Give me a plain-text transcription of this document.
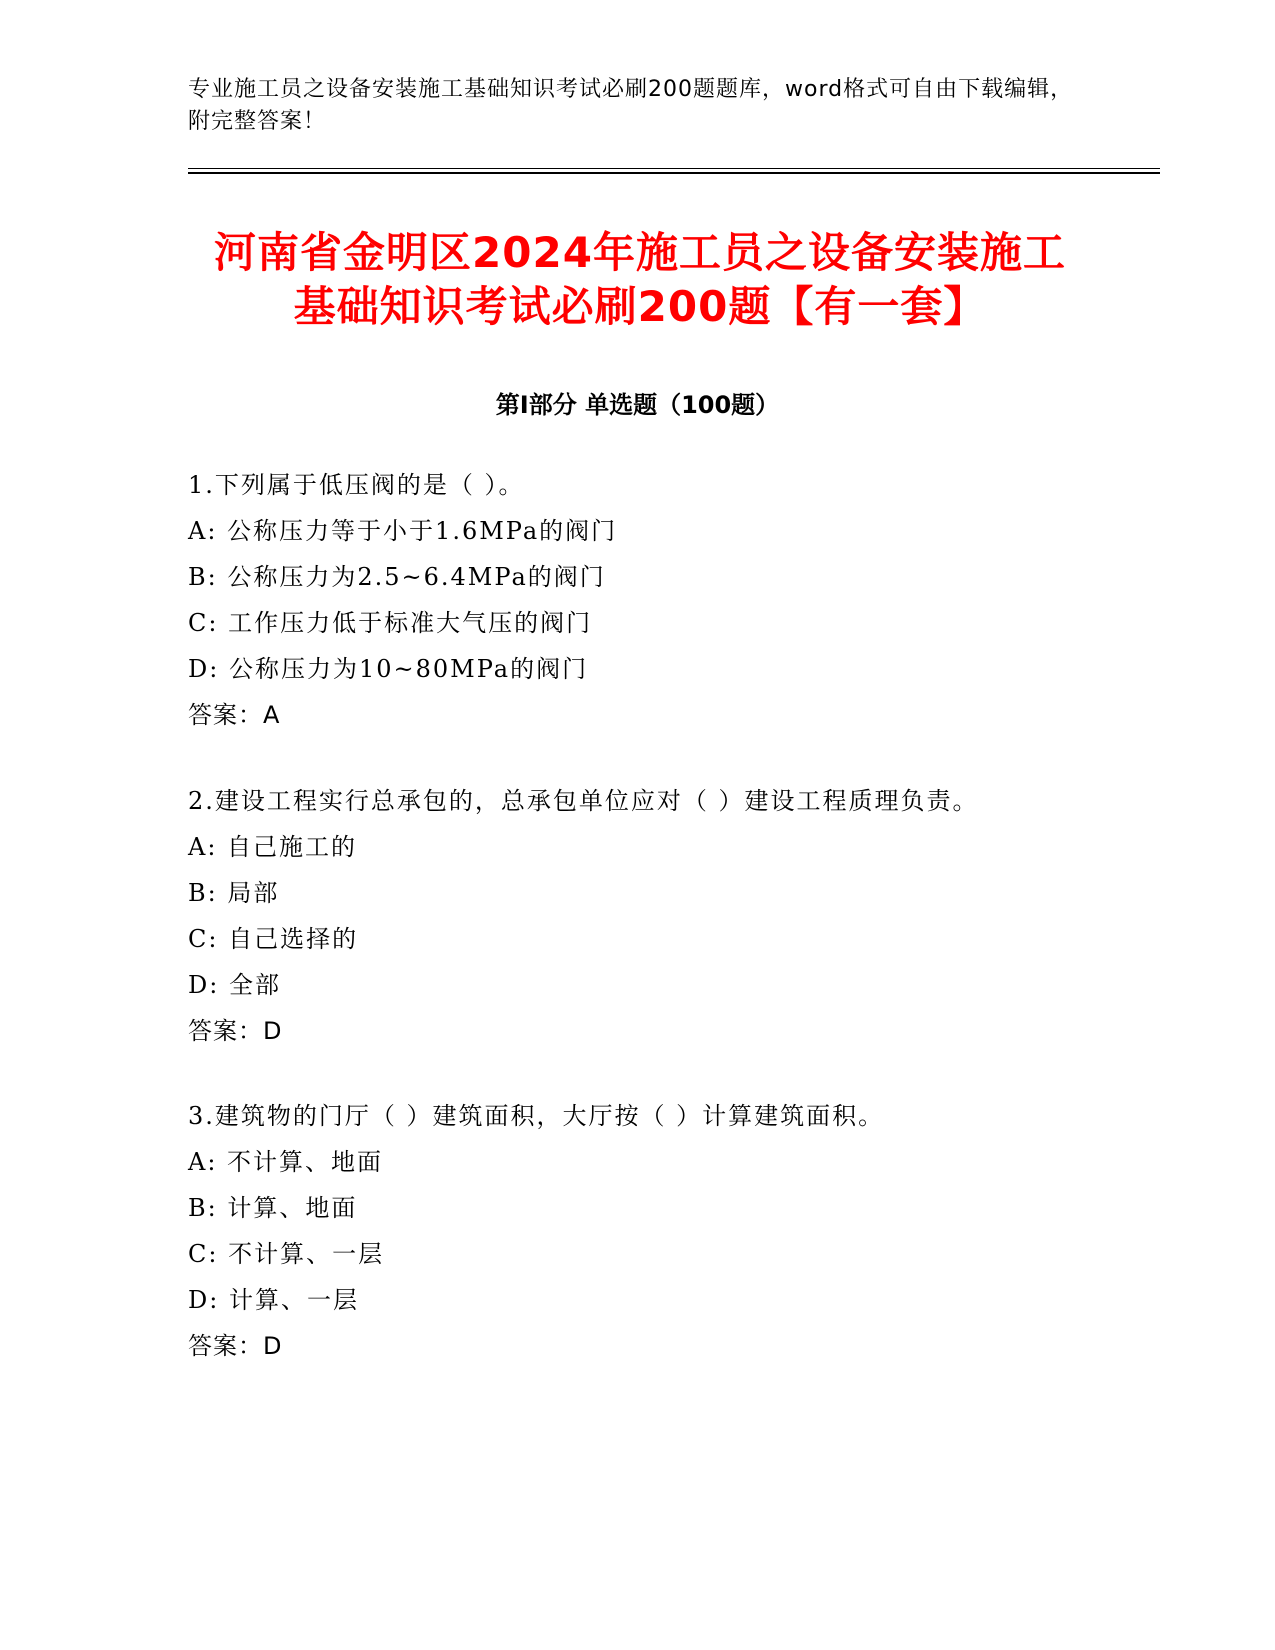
专业施工员之设备安装施工基础知识考试必刷200题题库，word格式可自由下载编辑，附完整答案！
河南省金明区2024年施工员之设备安装施工
基础知识考试必刷200题【有一套】
第Ⅰ部分 单选题（100题）
1.下列属于低压阀的是（ ）。
A: 公称压力等于小于1.6MPa的阀门
B: 公称压力为2.5~6.4MPa的阀门
C: 工作压力低于标准大气压的阀门
D: 公称压力为10~80MPa的阀门
答案：A
2.建设工程实行总承包的，总承包单位应对（ ）建设工程质理负责。
A: 自己施工的
B: 局部
C: 自己选择的
D: 全部
答案：D
3.建筑物的门厅（ ）建筑面积，大厅按（ ）计算建筑面积。
A: 不计算、地面
B: 计算、地面
C: 不计算、一层
D: 计算、一层
答案：D
